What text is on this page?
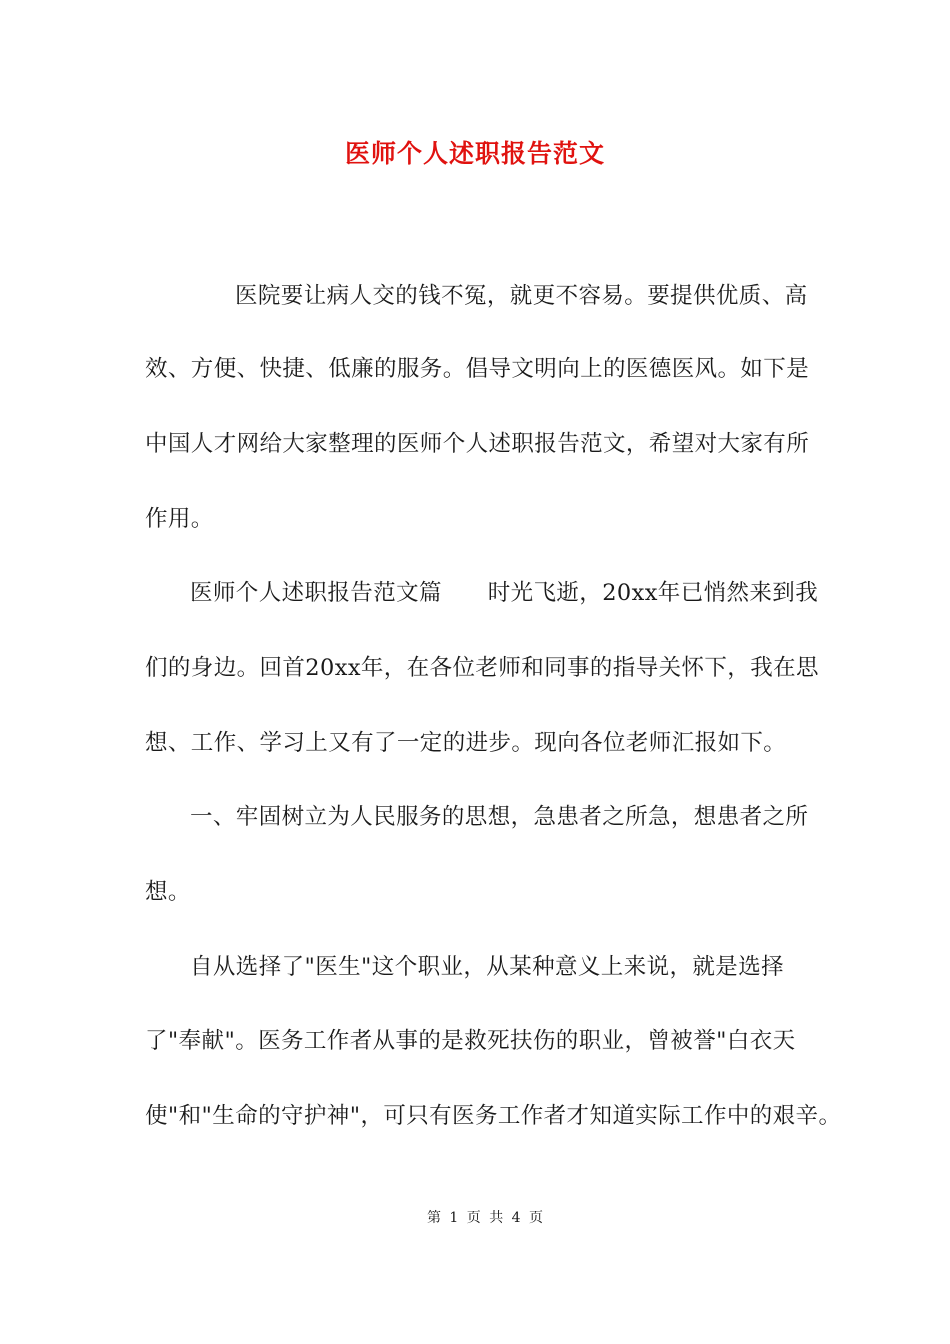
医师个人述职报告范文
医院要让病人交的钱不冤，就更不容易。要提供优质、高
效、方便、快捷、低廉的服务。倡导文明向上的医德医风。如下是
中国人才网给大家整理的医师个人述职报告范文，希望对大家有所
作用。
医师个人述职报告范文篇　　时光飞逝，20xx年已悄然来到我
们的身边。回首20xx年，在各位老师和同事的指导关怀下，我在思
想、工作、学习上又有了一定的进步。现向各位老师汇报如下。
一、牢固树立为人民服务的思想，急患者之所急，想患者之所
想。
自从选择了"医生"这个职业，从某种意义上来说，就是选择
了"奉献"。医务工作者从事的是救死扶伤的职业，曾被誉"白衣天
使"和"生命的守护神"，可只有医务工作者才知道实际工作中的艰辛。
第 1 页 共 4 页
